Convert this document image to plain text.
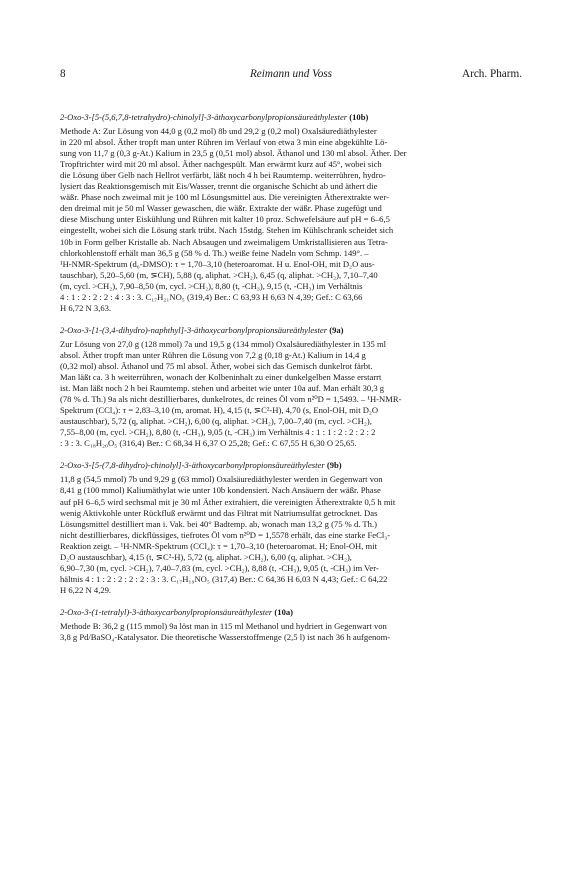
8	Reimann und Voss	Arch. Pharm.
2-Oxo-3-[5-(5,6,7,8-tetrahydro)-chinolyl]-3-äthoxycarbonylpropionsäureäthylester (10b)
Methode A: Zur Lösung von 44,0 g (0,2 mol) 8b und 29,2 g (0,2 mol) Oxalsäurediäthylester
in 220 ml absol. Äther tropft man unter Rühren im Verlauf von etwa 3 min eine abgekühlte Lö-
sung von 11,7 g (0,3 g-At.) Kalium in 23,5 g (0,51 mol) absol. Äthanol und 130 ml absol. Äther. Der
Tropftrichter wird mit 20 ml absol. Äther nachgespült. Man erwärmt kurz auf 45°, wobei sich
die Lösung über Gelb nach Hellrot verfärbt, läßt noch 4 h bei Raumtemp. weiterrühren, hydro-
lysiert das Reaktionsgemisch mit Eis/Wasser, trennt die organische Schicht ab und äthert die
wäßr. Phase noch zweimal mit je 100 ml Lösungsmittel aus. Die vereinigten Ätherextrakte wer-
den dreimal mit je 50 ml Wasser gewaschen, die wäßr. Extrakte der wäßr. Phase zugefügt und
diese Mischung unter Eiskühlung und Rühren mit kalter 10 proz. Schwefelsäure auf pH = 6–6,5
eingestellt, wobei sich die Lösung stark trübt. Nach 15stdg. Stehen im Kühlschrank scheidet sich
10b in Form gelber Kristalle ab. Nach Absaugen und zweimaligem Umkristallisieren aus Tetra-
chlorkohlenstoff erhält man 36,5 g (58 % d. Th.) weiße feine Nadeln vom Schmp. 149°. –
¹H-NMR-Spektrum (d₆-DMSO): τ = 1,70–3,10 (heteroaromat. H u. Enol-OH, mit D₂O aus-
tauschbar), 5,20–5,60 (m, ⋝CH), 5,88 (q, aliphat. >CH₂), 6,45 (q, aliphat. >CH₂), 7,10–7,40
(m, cycl. >CH₂), 7,90–8,50 (m, cycl. >CH₂), 8,80 (t, -CH₃), 9,15 (t, -CH₃) im Verhältnis
4 : 1 : 2 : 2 : 2 : 4 : 3 : 3. C₁₇H₂₁NO₅ (319,4) Ber.: C 63,93 H 6,63 N 4,39; Gef.: C 63,66
H 6,72 N 3,63.
2-Oxo-3-[1-(3,4-dihydro)-naphthyl]-3-äthoxycarbonylpropionsäureäthylester (9a)
Zur Lösung von 27,0 g (128 mmol) 7a und 19,5 g (134 mmol) Oxalsäurediäthylester in 135 ml
absol. Äther tropft man unter Rühren die Lösung von 7,2 g (0,18 g-At.) Kalium in 14,4 g
(0,32 mol) absol. Äthanol und 75 ml absol. Äther, wobei sich das Gemisch dunkelrot färbt.
Man läßt ca. 3 h weiterrühren, wonach der Kolbeninhalt zu einer dunkelgelben Masse erstarrt
ist. Man läßt noch 2 h bei Raumtemp. stehen und arbeitet wie unter 10a auf. Man erhält 30,3 g
(78 % d. Th.) 9a als nicht destillierbares, dunkelrotes, dc reines Öl vom n²⁰D = 1,5493. – ¹H-NMR-
Spektrum (CCl₄): τ = 2,83–3,10 (m, aromat. H), 4,15 (t, ⋝C²-H), 4,70 (s, Enol-OH, mit D₂O
austauschbar), 5,72 (q, aliphat. >CH₂), 6,00 (q, aliphat. >CH₂), 7,00–7,40 (m, cycl. >CH₂),
7,55–8,00 (m, cycl. >CH₂), 8,80 (t, -CH₃), 9,05 (t, -CH₃) im Verhältnis 4 : 1 : 1 : 2 : 2 : 2 : 2
: 3 : 3. C₁₈H₂₀O₅ (316,4) Ber.: C 68,34 H 6,37 O 25,28; Gef.: C 67,55 H 6,30 O 25,65.
2-Oxo-3-[5-(7,8-dihydro)-chinolyl]-3-äthoxycarbonylpropionsäureäthylester (9b)
11,8 g (54,5 mmol) 7b und 9,29 g (63 mmol) Oxalsäurediäthylester werden in Gegenwart von
8,41 g (100 mmol) Kaliumäthylat wie unter 10b kondensiert. Nach Ansäuern der wäßr. Phase
auf pH 6–6,5 wird sechsmal mit je 30 ml Äther extrahiert, die vereinigten Ätherextrakte 0,5 h mit
wenig Aktivkohle unter Rückfluß erwärmt und das Filtrat mit Natriumsulfat getrocknet. Das
Lösungsmittel destilliert man i. Vak. bei 40° Badtemp. ab, wonach man 13,2 g (75 % d. Th.)
nicht destillierbares, dickflüssiges, tiefrotes Öl vom n²⁰D = 1,5578 erhält, das eine starke FeCl₃-
Reaktion zeigt. – ¹H-NMR-Spektrum (CCl₄): τ = 1,70–3,10 (heteroaromat. H; Enol-OH, mit
D₂O austauschbar), 4,15 (t, ⋝C²-H), 5,72 (q, aliphat. >CH₂), 6,00 (q, aliphat. >CH₂),
6,90–7,30 (m, cycl. >CH₂), 7,40–7,83 (m, cycl. >CH₂), 8,88 (t, -CH₃), 9,05 (t, -CH₃) im Ver-
hältnis 4 : 1 : 2 : 2 : 2 : 2 : 3 : 3. C₁₇H₁₉NO₅ (317,4) Ber.: C 64,36 H 6,03 N 4,43; Gef.: C 64,22
H 6,22 N 4,29.
2-Oxo-3-(1-tetralyl)-3-äthoxycarbonylpropionsäureäthylester (10a)
Methode B: 36,2 g (115 mmol) 9a löst man in 115 ml Methanol und hydriert in Gegenwart von
3,8 g Pd/BaSO₄-Katalysator. Die theoretische Wasserstoffmenge (2,5 l) ist nach 36 h aufgenom-
